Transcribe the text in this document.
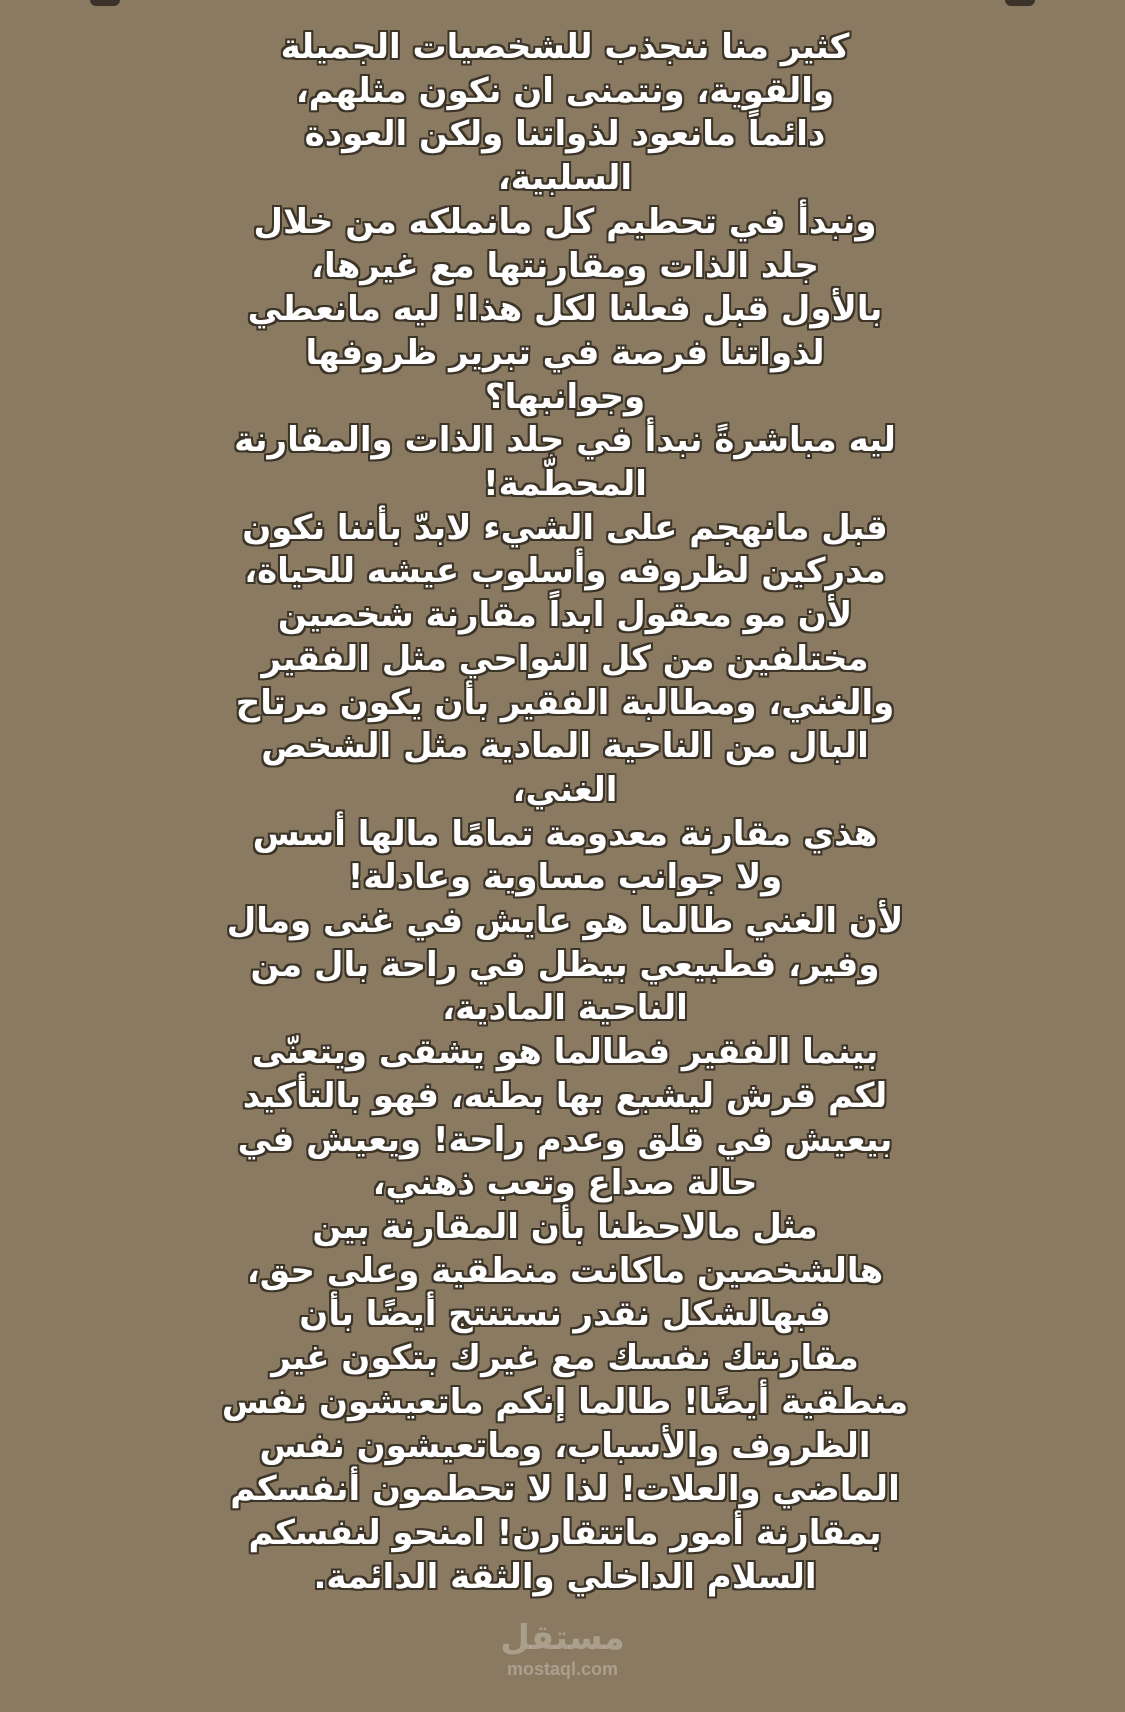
كثير منا ننجذب للشخصيات الجميلة
والقوية، ونتمنى ان نكون مثلهم،
دائماً مانعود لذواتنا ولكن العودة
السلبية،
ونبدأ في تحطيم كل مانملكه من خلال
جلد الذات ومقارنتها مع غيرها،
بالأول قبل فعلنا لكل هذا! ليه مانعطي
لذواتنا فرصة في تبرير ظروفها
وجوانبها؟
ليه مباشرةً نبدأ في جلد الذات والمقارنة
المحطّمة!
قبل مانهجم على الشيء لابدّ بأننا نكون
مدركين لظروفه وأسلوب عيشه للحياة،
لأن مو معقول ابداً مقارنة شخصين
مختلفين من كل النواحي مثل الفقير
والغني، ومطالبة الفقير بأن يكون مرتاح
البال من الناحية المادية مثل الشخص
الغني،
هذي مقارنة معدومة تمامًا مالها أسس
ولا جوانب مساوية وعادلة!
لأن الغني طالما هو عايش في غنى ومال
وفير، فطبيعي بيظل في راحة بال من
الناحية المادية،
بينما الفقير فطالما هو يشقى ويتعنّى
لكم قرش ليشبع بها بطنه، فهو بالتأكيد
بيعيش في قلق وعدم راحة! ويعيش في
حالة صداع وتعب ذهني،
مثل مالاحظنا بأن المقارنة بين
هالشخصين ماكانت منطقية وعلى حق،
فبهالشكل نقدر نستنتج أيضًا بأن
مقارنتك نفسك مع غيرك بتكون غير
منطقية أيضًا! طالما إنكم ماتعيشون نفس
الظروف والأسباب، وماتعيشون نفس
الماضي والعلات! لذا لا تحطمون أنفسكم
بمقارنة أمور ماتتقارن! امنحو لنفسكم
السلام الداخلي والثقة الدائمة.
مستقل
mostaql.com
